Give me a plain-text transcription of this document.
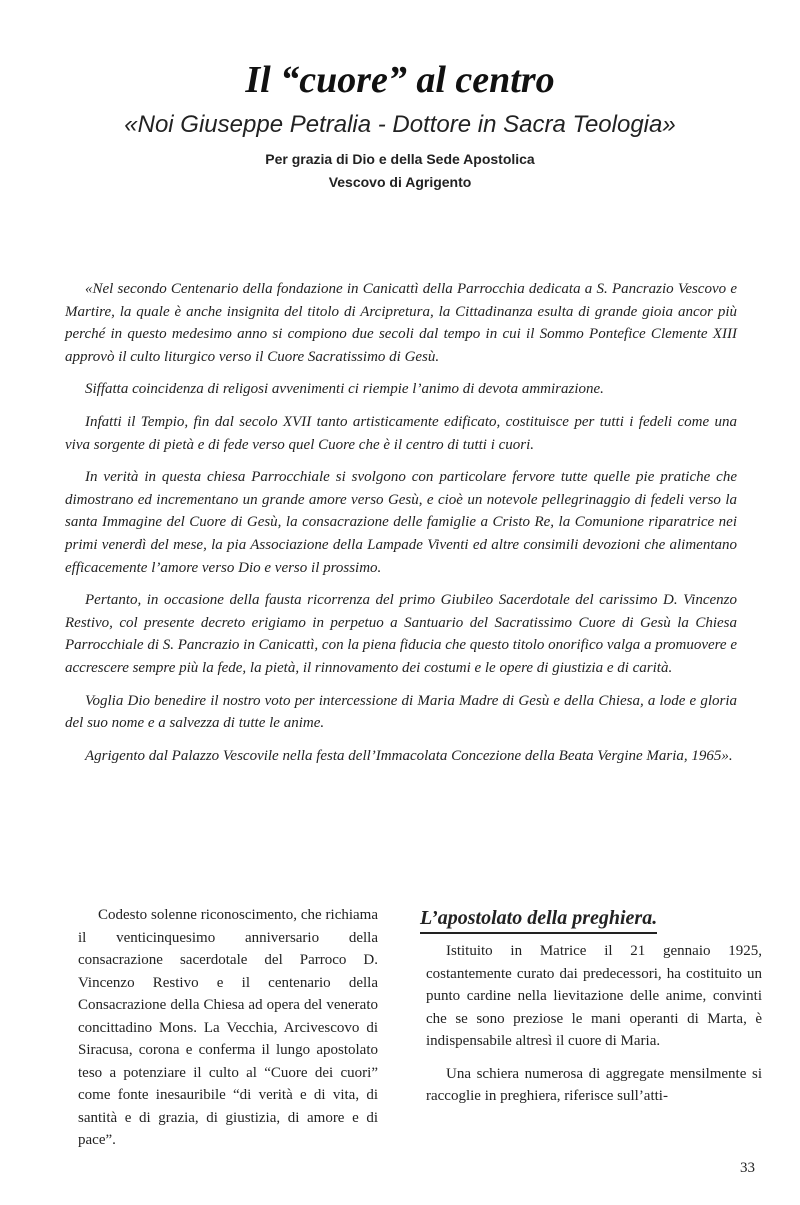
Il “cuore” al centro
«Noi Giuseppe Petralia - Dottore in Sacra Teologia»
Per grazia di Dio e della Sede Apostolica
Vescovo di Agrigento

«Nel secondo Centenario della fondazione in Canicattì della Parrocchia dedicata a S. Pancrazio Vescovo e Martire, la quale è anche insignita del titolo di Arcipretura, la Cittadinanza esulta di grande gioia ancor più perché in questo medesimo anno si compiono due secoli dal tempo in cui il Sommo Pontefice Clemente XIII approvò il culto liturgico verso il Cuore Sacratissimo di Gesù.

Siffatta coincidenza di religosi avvenimenti ci riempie l’animo di devota ammirazione.

Infatti il Tempio, fin dal secolo XVII tanto artisticamente edificato, costituisce per tutti i fedeli come una viva sorgente di pietà e di fede verso quel Cuore che è il centro di tutti i cuori.

In verità in questa chiesa Parrocchiale si svolgono con particolare fervore tutte quelle pie pratiche che dimostrano ed incrementano un grande amore verso Gesù, e cioè un notevole pellegrinaggio di fedeli verso la santa Immagine del Cuore di Gesù, la consacrazione delle famiglie a Cristo Re, la Comunione riparatrice nei primi venerdì del mese, la pia Associazione della Lampade Viventi ed altre consimili devozioni che alimentano efficacemente l’amore verso Dio e verso il prossimo.

Pertanto, in occasione della fausta ricorrenza del primo Giubileo Sacerdotale del carissimo D. Vincenzo Restivo, col presente decreto erigiamo in perpetuo a Santuario del Sacratissimo Cuore di Gesù la Chiesa Parrocchiale di S. Pancrazio in Canicattì, con la piena fiducia che questo titolo onorifico valga a promuovere e accrescere sempre più la fede, la pietà, il rinnovamento dei costumi e le opere di giustizia e di carità.

Voglia Dio benedire il nostro voto per intercessione di Maria Madre di Gesù e della Chiesa, a lode e gloria del suo nome e a salvezza di tutte le anime.

Agrigento dal Palazzo Vescovile nella festa dell’Immacolata Concezione della Beata Vergine Maria, 1965».

Codesto solenne riconoscimento, che richiama il venticinquesimo anniversario della consacrazione sacerdotale del Parroco D. Vincenzo Restivo e il centenario della Consacrazione della Chiesa ad opera del venerato concittadino Mons. La Vecchia, Arcivescovo di Siracusa, corona e conferma il lungo apostolato teso a potenziare il culto al “Cuore dei cuori” come fonte inesauribile “di verità e di vita, di santità e di grazia, di giustizia, di amore e di pace”.

L’apostolato della preghiera.

Istituito in Matrice il 21 gennaio 1925, costantemente curato dai predecessori, ha costituito un punto cardine nella lievitazione delle anime, convinti che se sono preziose le mani operanti di Marta, è indispensabile altresì il cuore di Maria.

Una schiera numerosa di aggregate mensilmente si raccoglie in preghiera, riferisce sull’atti-

33
